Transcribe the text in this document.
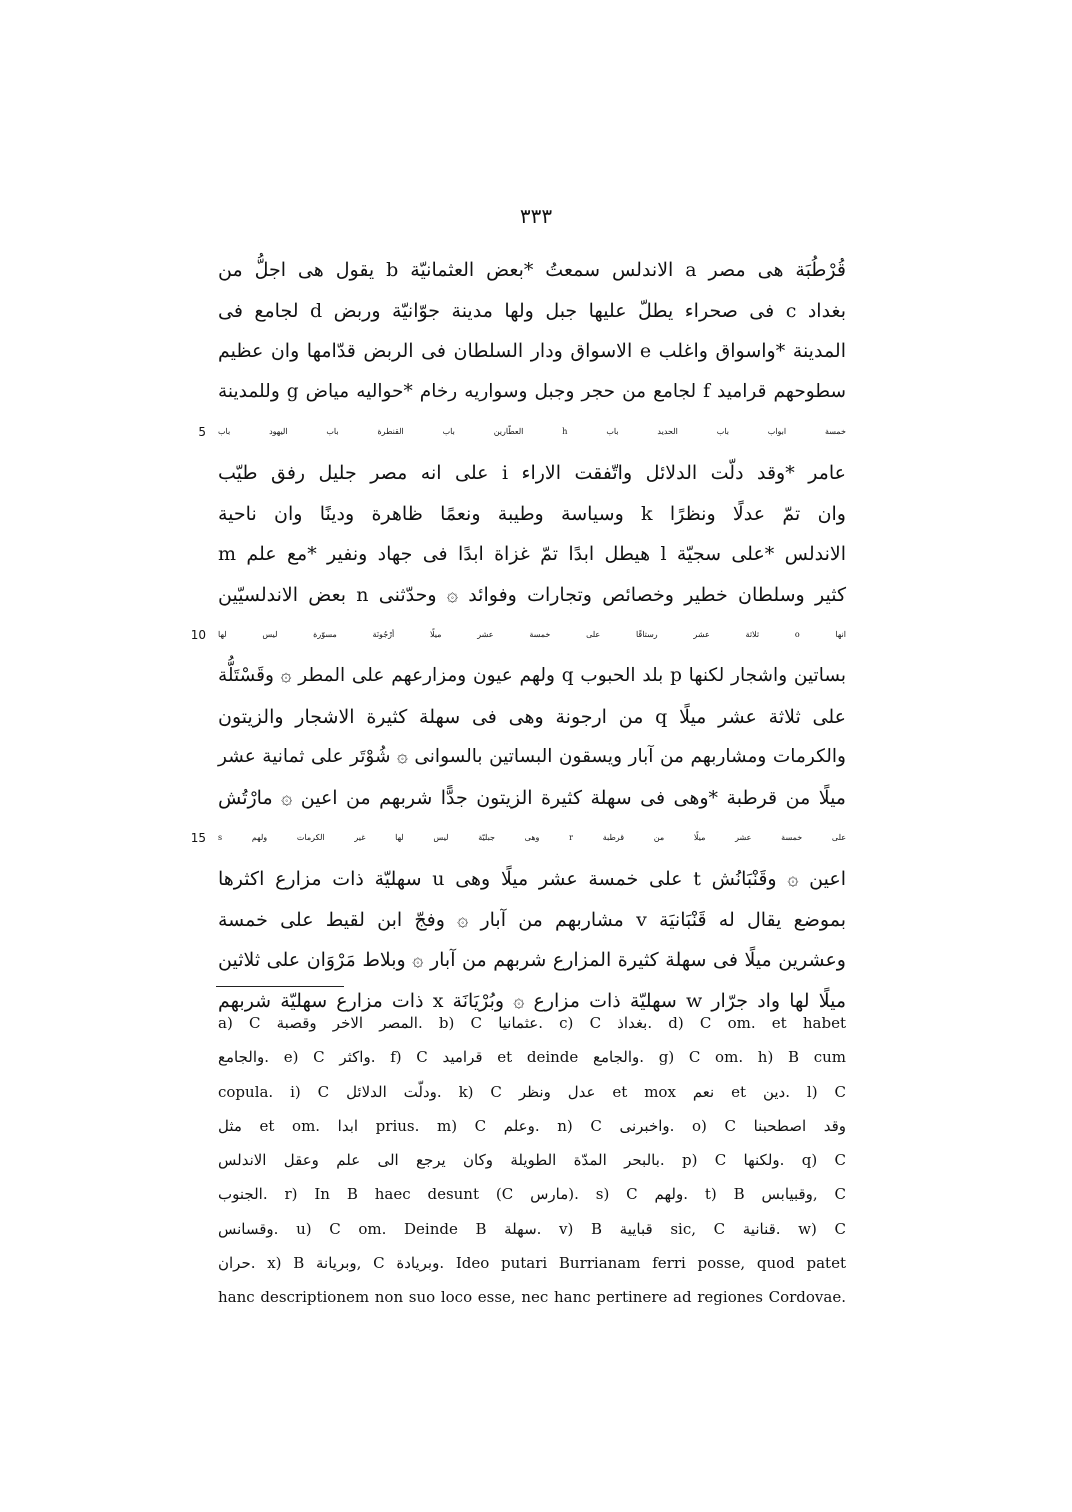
٣٣٣
قُرْطُبَة هى مصر a الاندلس سمعتُ *بعض العثمانيّة b يقول هى اجلُّ من
بغداد c فى صحراء يطلّ عليها جبل ولها مدينة جوّانيّة وربض d لجامع فى
المدينة *واسواق واغلب e الاسواق ودار السلطان فى الربض قدّامها وان عظيم
سطوحهم قراميد f لجامع من حجر وجبل وسواريه رخام *حواليه مياض g وللمدينة
خمسة ابواب باب الحديد باب h العطّارين باب القنطرة باب اليهود باب
5
عامر *وقد دلّت الدلائل واتّفقت الاراء i على انه مصر جليل رفق طيّب
وان تمّ عدلًا ونظرًا k وسياسة وطيبة ونعمًا ظاهرة ودينًا وان ناحية
الاندلس *على سجيّة l هيطل ابدًا تمّ غزاة ابدًا فى جهاد ونفير *مع علم m
كثير وسلطان خطير وخصائص وتجارات وفوائد ۞ وحدّثنى n بعض الاندلسيّين
انها o ثلاثة عشر رستاقًا على خمسة عشر ميلًا أرْجُونَة مسوّرة ليس لها
10
بساتين واشجار لكنها p بلد الحبوب q ولهم عيون ومزارعهم على المطر ۞ وقَسْتَلُّة
على ثلاثة عشر ميلًا q من ارجونة وهى فى سهلة كثيرة الاشجار والزيتون
والكرمات ومشاربهم من آبار ويسقون البساتين بالسوانى ۞ شُوْتَر على ثمانية عشر
ميلًا من قرطبة *وهى فى سهلة كثيرة الزيتون جدًّا شربهم من اعين ۞ مارْتُش
على خمسة عشر ميلًا من قرطبة r وهى جبليّة ليس لها غير الكرمات ولهم s
15
اعين ۞ وقَنْبَانُش t على خمسة عشر ميلًا وهى u سهليّة ذات مزارع اكثرها
بموضع يقال له قَنْبَانيَة v مشاربهم من آبار ۞ وفجّ ابن لقيط على خمسة
وعشرين ميلًا فى سهلة كثيرة المزارع شربهم من آبار ۞ وبلاط مَرْوَان على ثلاثين
ميلًا لها واد جرّار w سهليّة ذات مزارع ۞ وبُرْيَانَة x ذات مزارع سهليّة شربهم
a) C المصر الاخر وقصبة. b) C عثمانيا. c) C بغداذ. d) C om. et habet
والجامع. e) C واكثر. f) C قراميد et deinde والجامع. g) C om. h) B cum
copula. i) C ودلّت الدلائل. k) C عدل ونظر et mox نعم et دين. l) C
مثل et om. ابدا prius. m) C وعلم. n) C واخبرنى. o) C وقد اصطحبنا
بالبحر المدّة الطويلة وكان يرجع الى علم وعقل الاندلس. p) C ولكنها. q) C
الجنوب. r) In B haec desunt (C مارس). s) C ولهم. t) B وقبيابس, C
وقسانس. u) C om. Deinde B سهلة. v) B قبايية sic, C قنانية. w) C
حران. x) B وبريانة, C وبريادة. Ideo putari Burrianam ferri posse, quod patet
hanc descriptionem non suo loco esse, nec hanc pertinere ad regiones Cordovae.
